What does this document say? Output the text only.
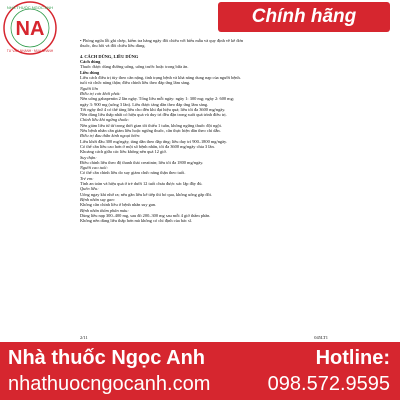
NA
NHÀ THUỐC NGỌC ANH
TƯ VẤN NHANH · MUA NHANH
Chính hãng
• Phòng ngừa lỗi ghi chép, kiểm tra hàng ngày đối chiếu với biểu mẫu và quy định về kê đơn
thuốc, thu hồi và đối chiếu liều dùng.

4. CÁCH DÙNG, LIỀU DÙNG
Cách dùng
Thuốc được dùng đường uống, uống trước hoặc trong bữa ăn.
Liều dùng
Liều cách điều trị tùy theo cân nặng, tình trạng bệnh và khả năng dung nạp của người bệnh.
tuổi và chức năng thận; điều chỉnh liều theo đáp ứng lâm sàng.
Người lớn
Điều trị cơn khởi phát:
Nên uống gabapentin 2 lần ngày. Tổng liều mỗi ngày: ngày 1: 300 mg; ngày 2: 600 mg;
ngày 3: 900 mg (uống 3 lần). Liều được tăng dần theo đáp ứng lâm sàng.
Tới ngày thứ 4 có thể tăng liều cho đến khi đạt hiệu quả; liều tối đa 3600 mg/ngày.
Nên dùng liều thấp nhất có hiệu quả và duy trì đều đặn trong suốt quá trình điều trị.
Chỉnh liều khi ngừng thuốc:
Nên giảm liều từ từ trong thời gian tối thiểu 1 tuần, không ngừng thuốc đột ngột.
Nếu bệnh nhân cần giảm liều hoặc ngừng thuốc, cần thực hiện dần theo chỉ dẫn.
Điều trị đau thần kinh ngoại biên:
Liều khởi đầu 300 mg/ngày, tăng dần theo đáp ứng; liều duy trì 900–1800 mg/ngày.
Có thể cần liều cao hơn ở một số bệnh nhân, tối đa 3600 mg/ngày chia 3 lần.
Khoảng cách giữa các liều không nên quá 12 giờ.
Suy thận:
Điều chỉnh liều theo độ thanh thải creatinin; liều tối đa 1800 mg/ngày.
Người cao tuổi:
Có thể cần chỉnh liều do suy giảm chức năng thận theo tuổi.
Trẻ em:
Tính an toàn và hiệu quả ở trẻ dưới 12 tuổi chưa được xác lập đầy đủ.
Quên liều:
Uống ngay khi nhớ ra; nếu gần liều kế tiếp thì bỏ qua, không uống gấp đôi.
Bệnh nhân suy gan:
Không cần chỉnh liều ở bệnh nhân suy gan.
Bệnh nhân thẩm phân máu:
Dùng liều nạp 300–400 mg, sau đó 200–300 mg sau mỗi 4 giờ thẩm phân.
Không nên dùng liều thấp hơn mà không có chỉ định của bác sĩ.
2/11	045LT1
Nhà thuốc Ngọc Anh
nhathuocngocanh.com
Hotline:
098.572.9595
